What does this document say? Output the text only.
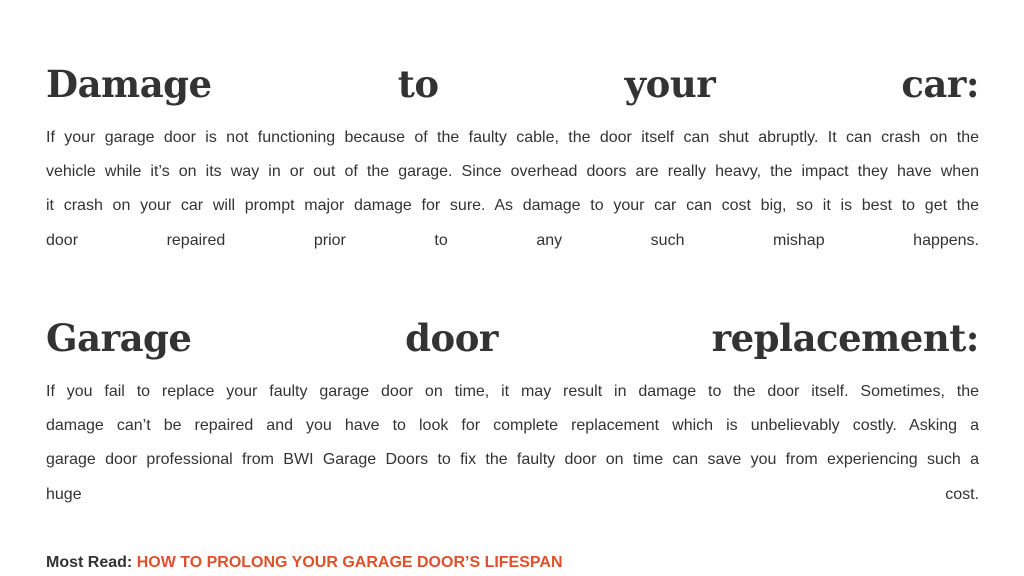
Damage	to	your	car:

If your garage door is not functioning because of the faulty cable, the door itself can shut abruptly. It can crash on the
vehicle while it’s on its way in or out of the garage. Since overhead doors are really heavy, the impact they have when
it crash on your car will prompt major damage for sure. As damage to your car can cost big, so it is best to get the
door repaired prior to any such mishap happens.

Garage	door	replacement:

If you fail to replace your faulty garage door on time, it may result in damage to the door itself. Sometimes, the
damage can’t be repaired and you have to look for complete replacement which is unbelievably costly. Asking a
garage door professional from BWI Garage Doors to fix the faulty door on time can save you from experiencing such a
huge cost.

Most Read: HOW TO PROLONG YOUR GARAGE DOOR’S LIFESPAN
